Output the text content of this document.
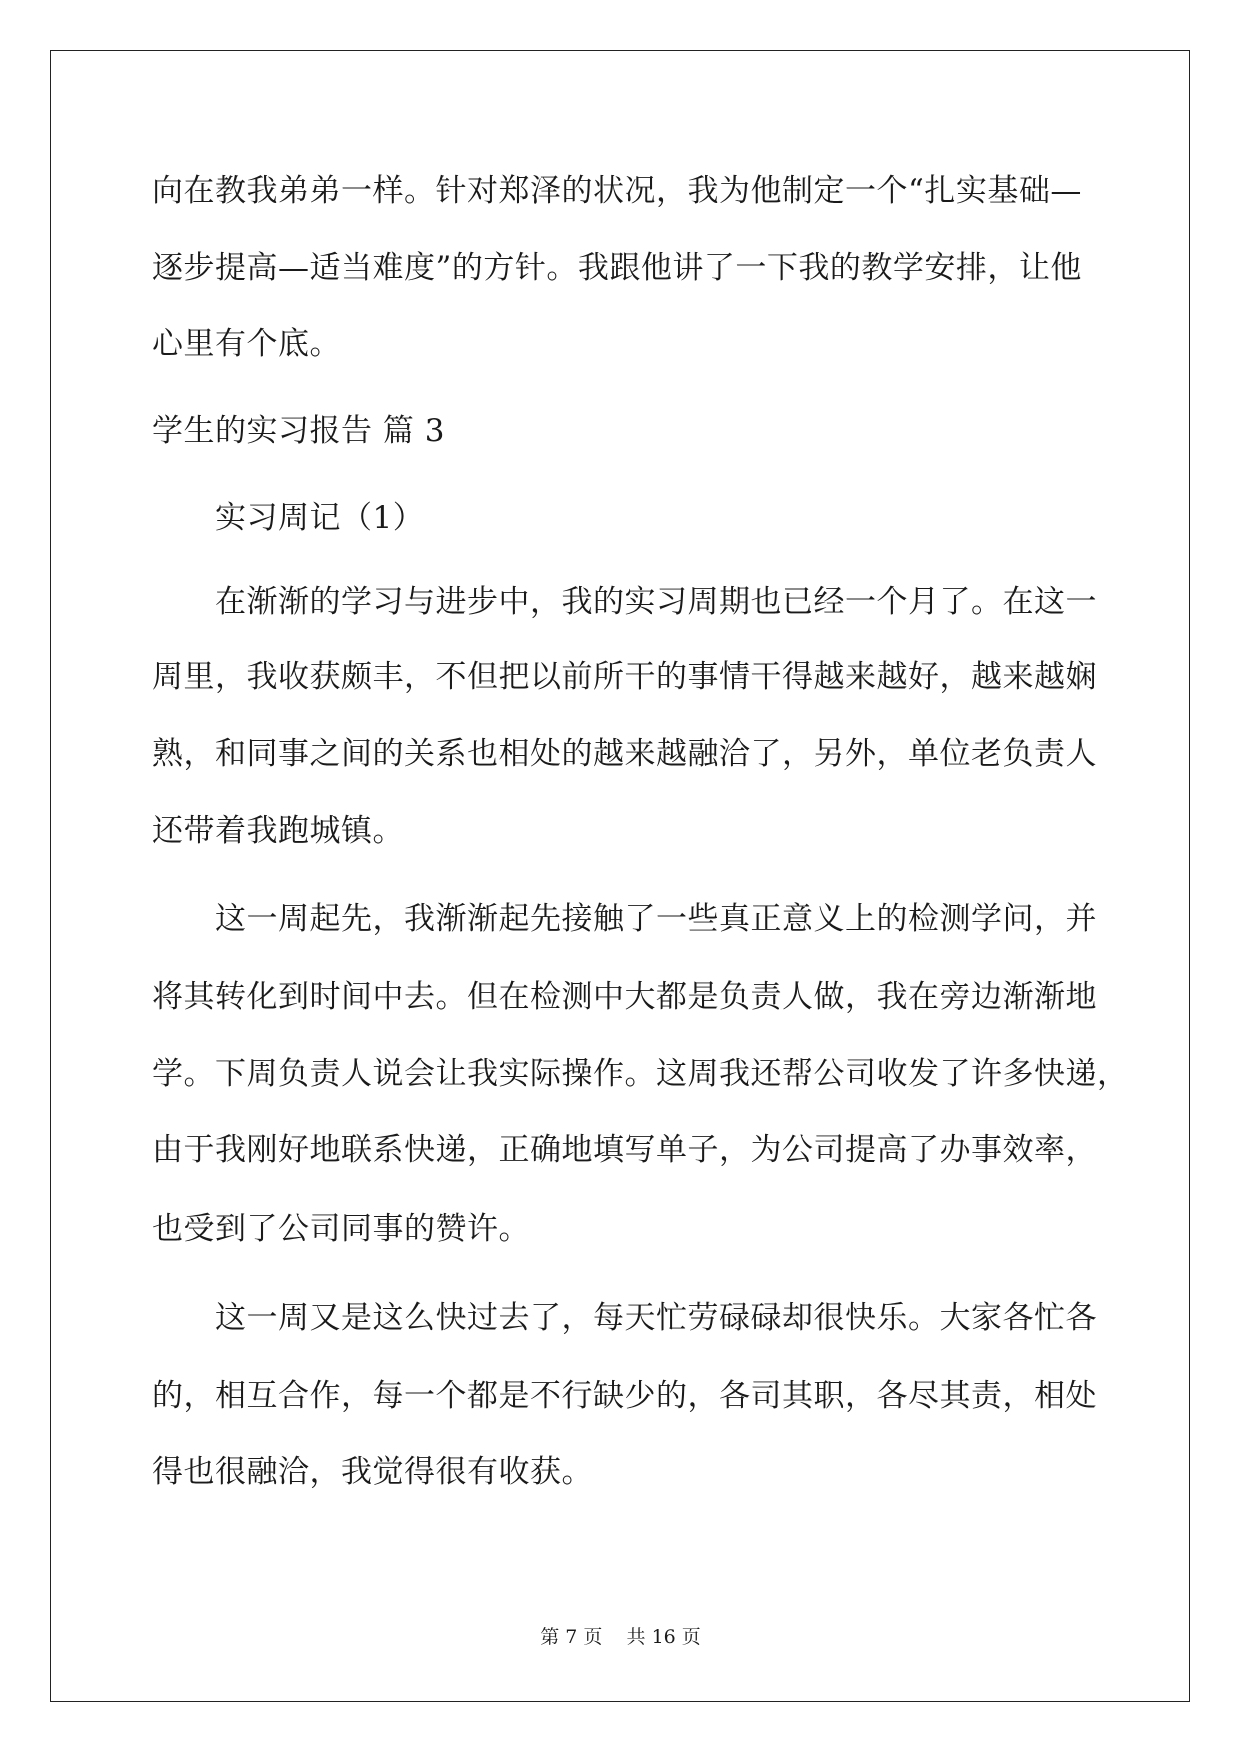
向在教我弟弟一样。针对郑泽的状况，我为他制定一个“扎实基础—
逐步提高—适当难度”的方针。我跟他讲了一下我的教学安排，让他
心里有个底。
学生的实习报告 篇 3
实习周记（1）
在渐渐的学习与进步中，我的实习周期也已经一个月了。在这一
周里，我收获颇丰，不但把以前所干的事情干得越来越好，越来越娴
熟，和同事之间的关系也相处的越来越融洽了，另外，单位老负责人
还带着我跑城镇。
这一周起先，我渐渐起先接触了一些真正意义上的检测学问，并
将其转化到时间中去。但在检测中大都是负责人做，我在旁边渐渐地
学。下周负责人说会让我实际操作。这周我还帮公司收发了许多快递，
由于我刚好地联系快递，正确地填写单子，为公司提高了办事效率，
也受到了公司同事的赞许。
这一周又是这么快过去了，每天忙劳碌碌却很快乐。大家各忙各
的，相互合作，每一个都是不行缺少的，各司其职，各尽其责，相处
得也很融洽，我觉得很有收获。
第 7 页 共 16 页
